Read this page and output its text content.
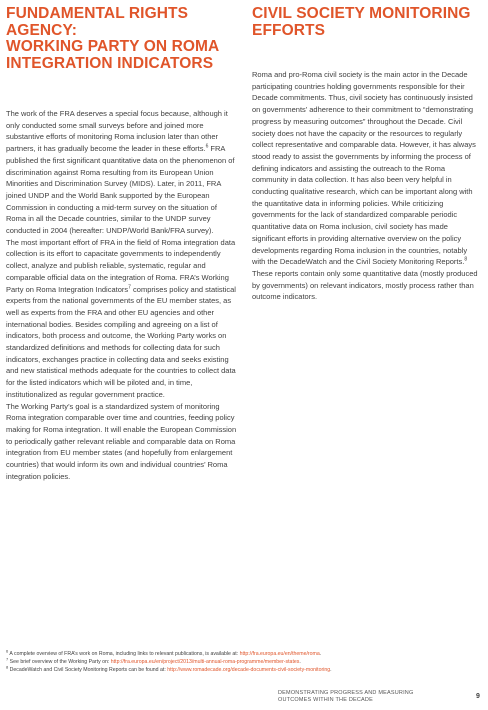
FUNDAMENTAL RIGHTS
AGENCY:
WORKING PARTY ON ROMA
INTEGRATION INDICATORS

The work of the FRA deserves a special focus because, although it only conducted some small surveys before and joined more substantive efforts of monitoring Roma inclusion later than other partners, it has gradually become the leader in these efforts.$^6$ FRA published the first significant quantitative data on the phenomenon of discrimination against Roma resulting from its European Union Minorities and Discrimination Survey (MIDS). Later, in 2011, FRA joined UNDP and the World Bank supported by the European Commission in conducting a mid-term survey on the situation of Roma in all the Decade countries, similar to the UNDP survey conducted in 2004 (hereafter: UNDP/World Bank/FRA survey).

The most important effort of FRA in the field of Roma integration data collection is its effort to capacitate governments to independently collect, analyze and publish reliable, systematic, regular and comparable official data on the integration of Roma. FRA’s Working Party on Roma Integration Indicators$^7$ comprises policy and statistical experts from the national governments of the EU member states, as well as experts from the FRA and other EU agencies and other international bodies. Besides compiling and agreeing on a list of indicators, both process and outcome, the Working Party works on standardized definitions and methods for collecting data for such indicators, exchanges practice in collecting data and seeks existing and new statistical methods adequate for the countries to collect data for the listed indicators which will be piloted and, in time, institutionalized as regular government practice.

The Working Party’s goal is a standardized system of monitoring Roma integration comparable over time and countries, feeding policy making for Roma integration. It will enable the European Commission to periodically gather relevant reliable and comparable data on Roma integration from EU member states (and hopefully from enlargement countries) that would inform its own and individual countries’ Roma integration policies.

CIVIL SOCIETY MONITORING
EFFORTS

Roma and pro-Roma civil society is the main actor in the Decade participating countries holding governments responsible for their Decade commitments. Thus, civil society has continuously insisted on governments’ adherence to their commitment to “demonstrating progress by measuring outcomes” throughout the Decade. Civil society does not have the capacity or the resources to regularly collect representative and comparable data. However, it has always stood ready to assist the governments by informing the process of defining indicators and assisting the outreach to the Roma community in data collection. It has also been very helpful in conducting qualitative research, which can be important along with the quantitative data in informing policies. While criticizing governments for the lack of standardized comparable periodic quantitative data on Roma inclusion, civil society has made significant efforts in providing alternative overview on the policy developments regarding Roma inclusion in the countries, notably with the DecadeWatch and the Civil Society Monitoring Reports.$^8$ These reports contain only some quantitative data (mostly produced by governments) on relevant indicators, mostly process rather than outcome indicators.

$^6$ A complete overview of FRA’s work on Roma, including links to relevant publications, is available at: http://fra.europa.eu/en/theme/roma.
$^7$ See brief overview of the Working Party on: http://fra.europa.eu/en/project/2013/multi-annual-roma-programme/member-states.
$^8$ DecadeWatch and Civil Society Monitoring Reports can be found at: http://www.romadecade.org/decade-documents-civil-society-monitoring.
DEMONSTRATING PROGRESS AND MEASURING
OUTCOMES WITHIN THE DECADE	9
